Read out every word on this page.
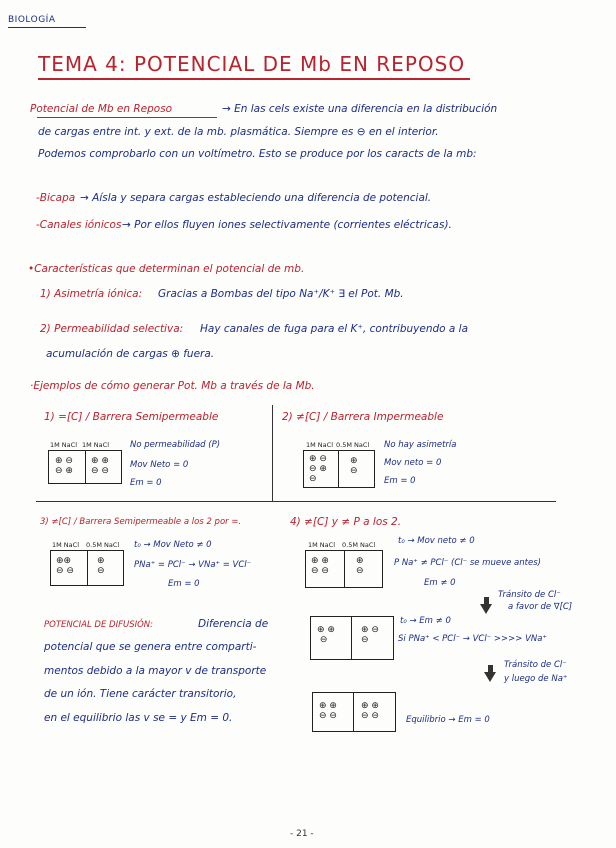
BIOLOGÍA
TEMA 4: POTENCIAL DE Mb EN REPOSO
Potencial de Mb en Reposo	→ En las cels existe una diferencia en la distribución
de cargas entre int. y ext. de la mb. plasmática. Siempre es ⊖ en el interior.
Podemos comprobarlo con un voltímetro. Esto se produce por los caracts de la mb:
-Bicapa → Aísla y separa cargas estableciendo una diferencia de potencial.
-Canales iónicos → Por ellos fluyen iones selectivamente (corrientes eléctricas).
•Características que determinan el potencial de mb.
1) Asimetría iónica: Gracias a Bombas del tipo Na⁺/K⁺ ∃ el Pot. Mb.
2) Permeabilidad selectiva: Hay canales de fuga para el K⁺, contribuyendo a la
acumulación de cargas ⊕ fuera.
·Ejemplos de cómo generar Pot. Mb a través de la Mb.
1) =[C] / Barrera Semipermeable
1M NaCl 1M NaCl
⊕ ⊖
⊖ ⊕
⊕ ⊕
⊖ ⊖
No permeabilidad (P)
Mov Neto = 0
Em = 0
2) ≠[C] / Barrera Impermeable
1M NaCl 0.5M NaCl
⊕ ⊖
⊖ ⊕
⊖
⊕
⊖
No hay asimetría
Mov neto = 0
Em = 0
3) ≠[C] / Barrera Semipermeable a los 2 por =.
1M NaCl 0.5M NaCl
⊕⊕
⊖ ⊖
⊕
⊖
t₀ → Mov Neto ≠ 0
PNa⁺ = PCl⁻ → VNa⁺ = VCl⁻
Em = 0
4) ≠[C] y ≠ P a los 2.
1M NaCl 0.5M NaCl
⊕ ⊕
⊖ ⊖
⊕
⊖
t₀ → Mov neto ≠ 0
P Na⁺ ≠ PCl⁻ (Cl⁻ se mueve antes)
Em ≠ 0
Tránsito de Cl⁻
a favor de ∇[C]
POTENCIAL DE DIFUSIÓN:	Diferencia de
potencial que se genera entre comparti-
mentos debido a la mayor v de transporte
de un ión. Tiene carácter transitorio,
en el equilibrio las v se = y Em = 0.
⊕ ⊕
⊖
⊕ ⊖
⊖
t₀ → Em ≠ 0
Si PNa⁺ < PCl⁻ → VCl⁻ >>>> VNa⁺
Tránsito de Cl⁻
y luego de Na⁺
⊕ ⊕
⊖ ⊖
⊕ ⊕
⊖ ⊖	Equilibrio → Em = 0
- 21 -
